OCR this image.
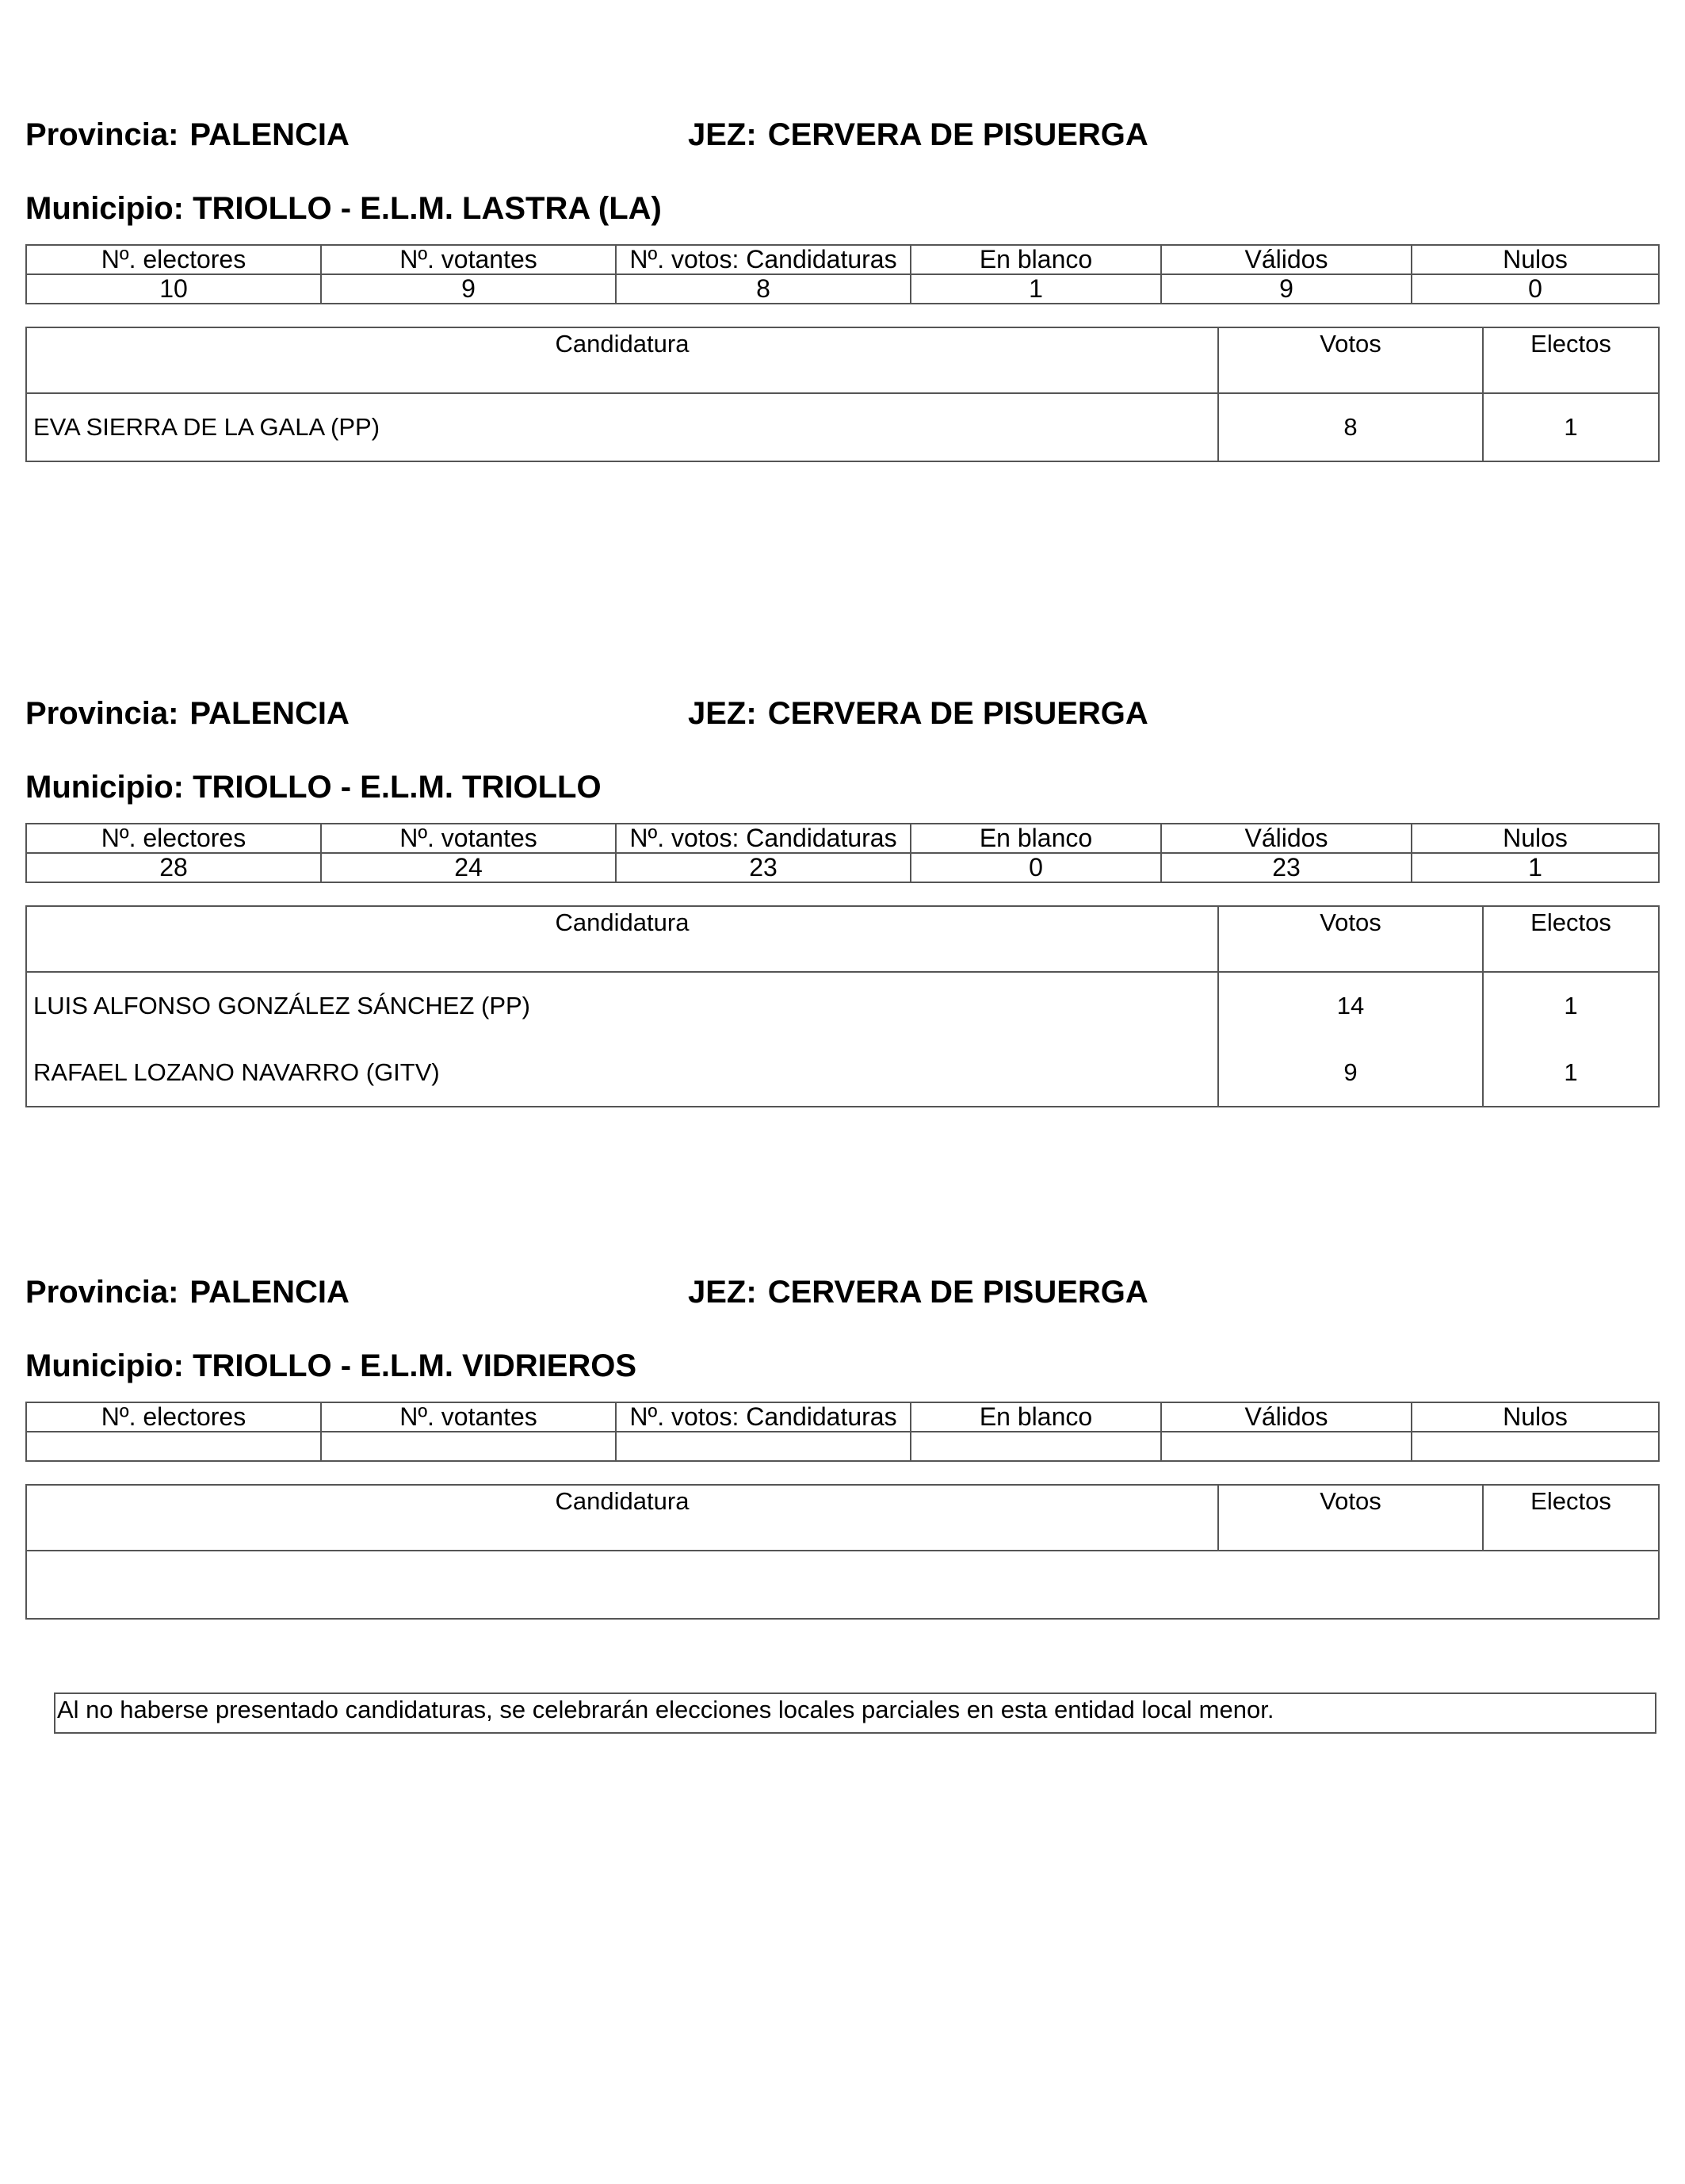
Provincia: PALENCIA	JEZ: CERVERA DE PISUERGA
Municipio: TRIOLLO - E.L.M. LASTRA (LA)
Nº. electores	Nº. votantes	Nº. votos: Candidaturas	En blanco	Válidos	Nulos
10	9	8	1	9	0
Candidatura	Votos	Electos
EVA SIERRA DE LA GALA (PP)	8	1
Provincia: PALENCIA	JEZ: CERVERA DE PISUERGA
Municipio: TRIOLLO - E.L.M. TRIOLLO
Nº. electores	Nº. votantes	Nº. votos: Candidaturas	En blanco	Válidos	Nulos
28	24	23	0	23	1
Candidatura	Votos	Electos
LUIS ALFONSO GONZÁLEZ SÁNCHEZ (PP)	14	1
RAFAEL LOZANO NAVARRO (GITV)	9	1
Provincia: PALENCIA	JEZ: CERVERA DE PISUERGA
Municipio: TRIOLLO - E.L.M. VIDRIEROS
Nº. electores	Nº. votantes	Nº. votos: Candidaturas	En blanco	Válidos	Nulos

Candidatura	Votos	Electos

Al no haberse presentado candidaturas, se celebrarán elecciones locales parciales en esta entidad local menor.
